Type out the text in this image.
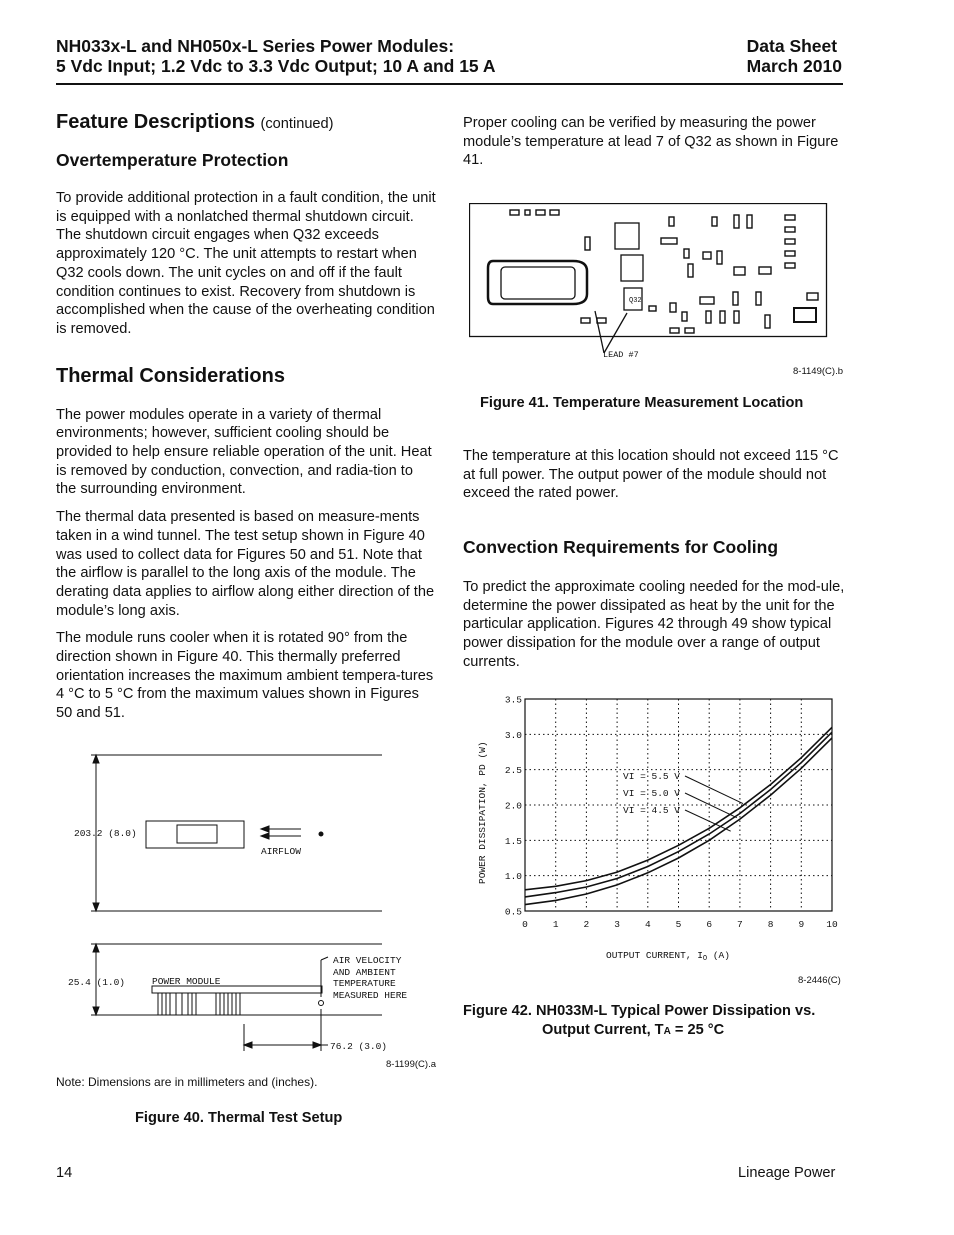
NH033x-L and NH050x-L Series Power Modules:
5 Vdc Input; 1.2 Vdc to 3.3 Vdc Output; 10 A and 15 A
Data Sheet
March 2010
Feature Descriptions (continued)
Overtemperature Protection

To provide additional protection in a fault condition, the unit is equipped with a nonlatched thermal shutdown circuit. The shutdown circuit engages when Q32 exceeds approximately 120 °C. The unit attempts to restart when Q32 cools down. The unit cycles on and off if the fault condition continues to exist. Recovery from shutdown is accomplished when the cause of the overheating condition is removed.

Thermal Considerations

The power modules operate in a variety of thermal environments; however, sufficient cooling should be provided to help ensure reliable operation of the unit. Heat is removed by conduction, convection, and radia-tion to the surrounding environment.

The thermal data presented is based on measure-ments taken in a wind tunnel. The test setup shown in Figure 40 was used to collect data for Figures 50 and 51. Note that the airflow is parallel to the long axis of the module. The derating data applies to airflow along either direction of the module’s long axis.

The module runs cooler when it is rotated 90° from the direction shown in Figure 40. This thermally preferred orientation increases the maximum ambient tempera-tures 4 °C to 5 °C from the maximum values shown in Figures 50 and 51.

203.2 (8.0)
AIRFLOW
25.4 (1.0)	POWER MODULE
AIR VELOCITY
AND AMBIENT
TEMPERATURE
MEASURED HERE
76.2 (3.0)
8-1199(C).a
Note: Dimensions are in millimeters and (inches).
Figure 40. Thermal Test Setup

Proper cooling can be verified by measuring the power module’s temperature at lead 7 of Q32 as shown in Figure 41.

Q32
LEAD #7
8-1149(C).b
Figure 41. Temperature Measurement Location

The temperature at this location should not exceed 115 °C at full power. The output power of the module should not exceed the rated power.

Convection Requirements for Cooling

To predict the approximate cooling needed for the mod-ule, determine the power dissipated as heat by the unit for the particular application. Figures 42 through 49 show typical power dissipation for the module over a range of output currents.

0	1	2	3	4	5	6	7	8	9 10
0.5
1.0
1.5
2.0
2.5
3.0
3.5
POWER DISSIPATION, PD (W)
OUTPUT CURRENT, $I_O$ (A)
VI = 5.5 V
VI = 5.0 V
VI = 4.5 V
8-2446(C)
Figure 42. NH033M-L Typical Power Dissipation vs.
Output Current, TA = 25 °C
14	Lineage Power
